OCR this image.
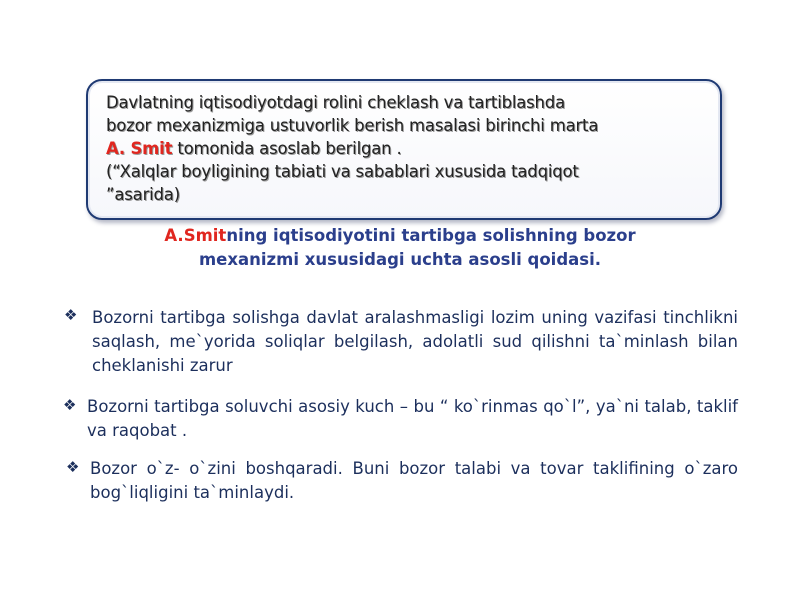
Davlatning iqtisodiyotdagi rolini cheklash va tartiblashda
bozor mexanizmiga ustuvorlik berish masalasi birinchi marta
A. Smit tomonida asoslab berilgan .
(“Xalqlar boyligining tabiati va sabablari xususida tadqiqot
”asarida)

A.Smitning iqtisodiyotini tartibga solishning bozor mexanizmi xususidagi uchta asosli qoidasi.

❖ Bozorni tartibga solishga davlat aralashmasligi lozim uning vazifasi tinchlikni saqlash, me`yorida soliqlar belgilash, adolatli sud qilishni ta`minlash bilan cheklanishi zarur

❖ Bozorni tartibga soluvchi asosiy kuch – bu “ ko`rinmas qo`l”, ya`ni talab, taklif va raqobat .

❖ Bozor o`z- o`zini boshqaradi. Buni bozor talabi va tovar taklifining o`zaro bog`liqligini ta`minlaydi.
